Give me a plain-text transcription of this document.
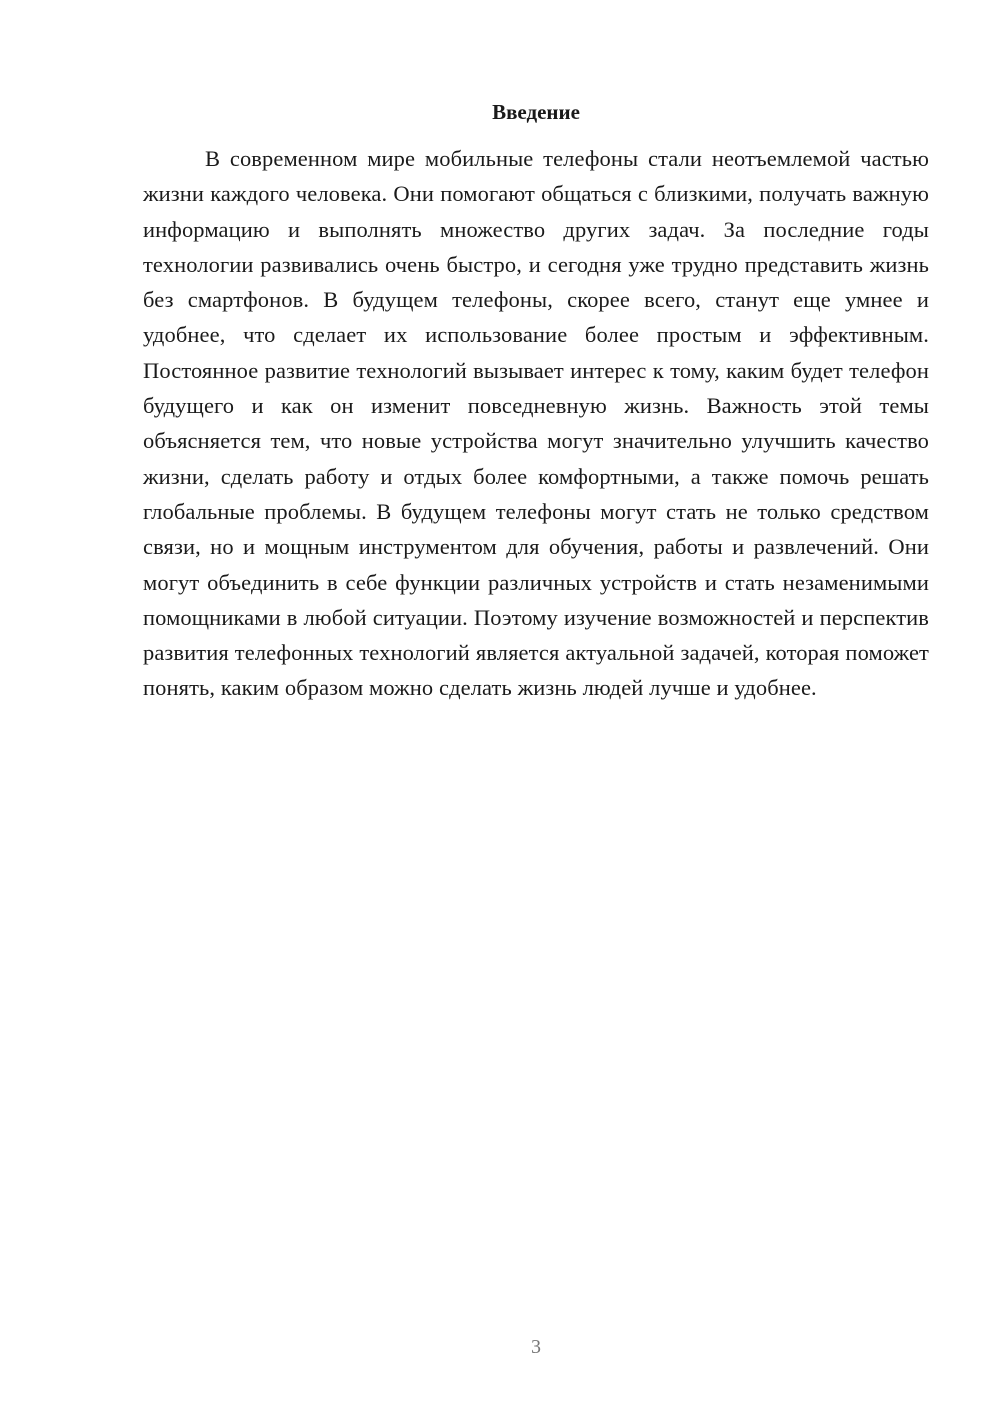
Введение

В современном мире мобильные телефоны стали неотъемлемой частью жизни каждого человека. Они помогают общаться с близкими, получать важную информацию и выполнять множество других задач. За последние годы технологии развивались очень быстро, и сегодня уже трудно представить жизнь без смартфонов. В будущем телефоны, скорее всего, станут еще умнее и удобнее, что сделает их использование более простым и эффективным. Постоянное развитие технологий вызывает интерес к тому, каким будет телефон будущего и как он изменит повседневную жизнь. Важность этой темы объясняется тем, что новые устройства могут значительно улучшить качество жизни, сделать работу и отдых более комфортными, а также помочь решать глобальные проблемы. В будущем телефоны могут стать не только средством связи, но и мощным инструментом для обучения, работы и развлечений. Они могут объединить в себе функции различных устройств и стать незаменимыми помощниками в любой ситуации. Поэтому изучение возможностей и перспектив развития телефонных технологий является актуальной задачей, которая поможет понять, каким образом можно сделать жизнь людей лучше и удобнее.

3
